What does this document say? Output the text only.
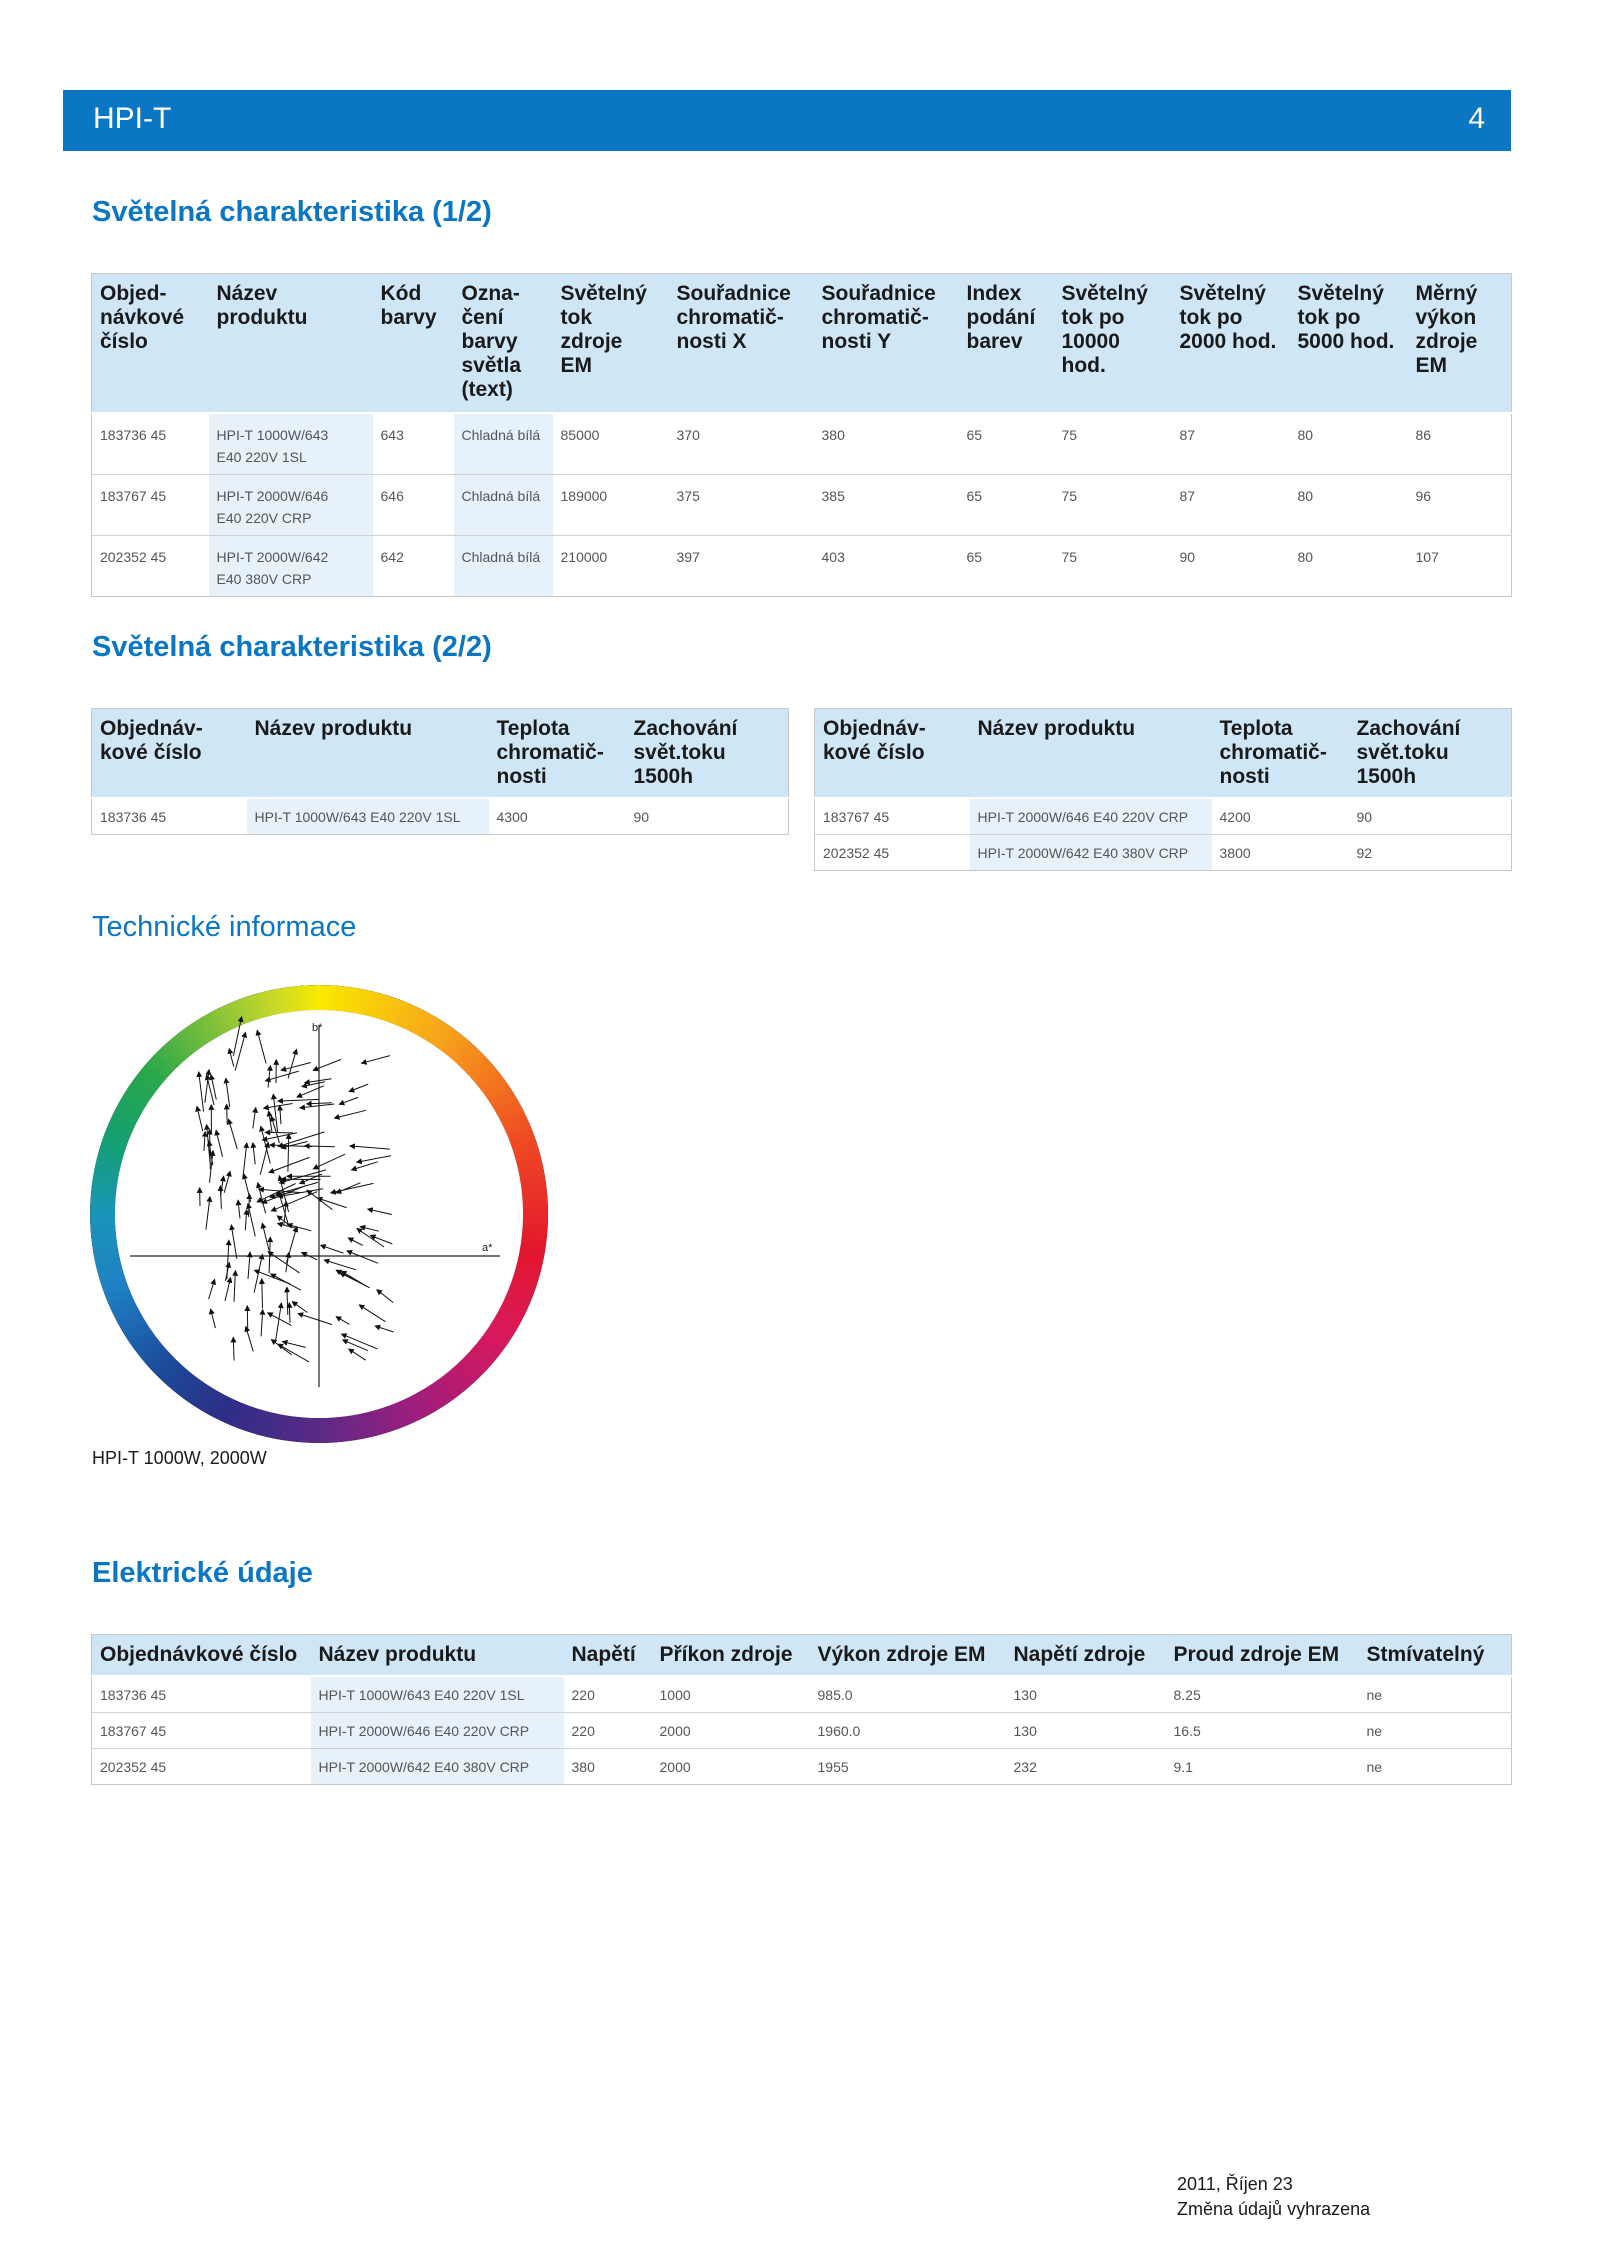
HPI-T	4
Světelná charakteristika (1/2)
Objed-
návkové
číslo	Název
produktu	Kód
barvy	Ozna-
čení
barvy
světla
(text)	Světelný
tok
zdroje
EM	Souřadnice
chromatič-
nosti X	Souřadnice
chromatič-
nosti Y	Index
podání
barev	Světelný
tok po
10000
hod.	Světelný
tok po
2000 hod.	Světelný
tok po
5000 hod.	Měrný
výkon
zdroje
EM
183736 45	HPI-T 1000W/643
E40 220V 1SL	643	Chladná bílá	85000	370	380	65	75	87	80	86
183767 45	HPI-T 2000W/646
E40 220V CRP	646	Chladná bílá	189000	375	385	65	75	87	80	96
202352 45	HPI-T 2000W/642
E40 380V CRP	642	Chladná bílá	210000	397	403	65	75	90	80	107
Světelná charakteristika (2/2)
Objednáv-
kové číslo	Název produktu	Teplota
chromatič-
nosti	Zachování
svět.toku
1500h
183736 45	HPI-T 1000W/643 E40 220V 1SL	4300	90
Objednáv-
kové číslo	Název produktu	Teplota
chromatič-
nosti	Zachování
svět.toku
1500h
183767 45	HPI-T 2000W/646 E40 220V CRP	4200	90
202352 45	HPI-T 2000W/642 E40 380V CRP	3800	92
Technické informace
b*
a*
HPI-T 1000W, 2000W
Elektrické údaje
Objednávkové číslo	Název produktu	Napětí	Příkon zdroje	Výkon zdroje EM	Napětí zdroje	Proud zdroje EM	Stmívatelný
183736 45	HPI-T 1000W/643 E40 220V 1SL	220	1000	985.0	130	8.25	ne
183767 45	HPI-T 2000W/646 E40 220V CRP	220	2000	1960.0	130	16.5	ne
202352 45	HPI-T 2000W/642 E40 380V CRP	380	2000	1955	232	9.1	ne
2011, Říjen 23
Změna údajů vyhrazena
